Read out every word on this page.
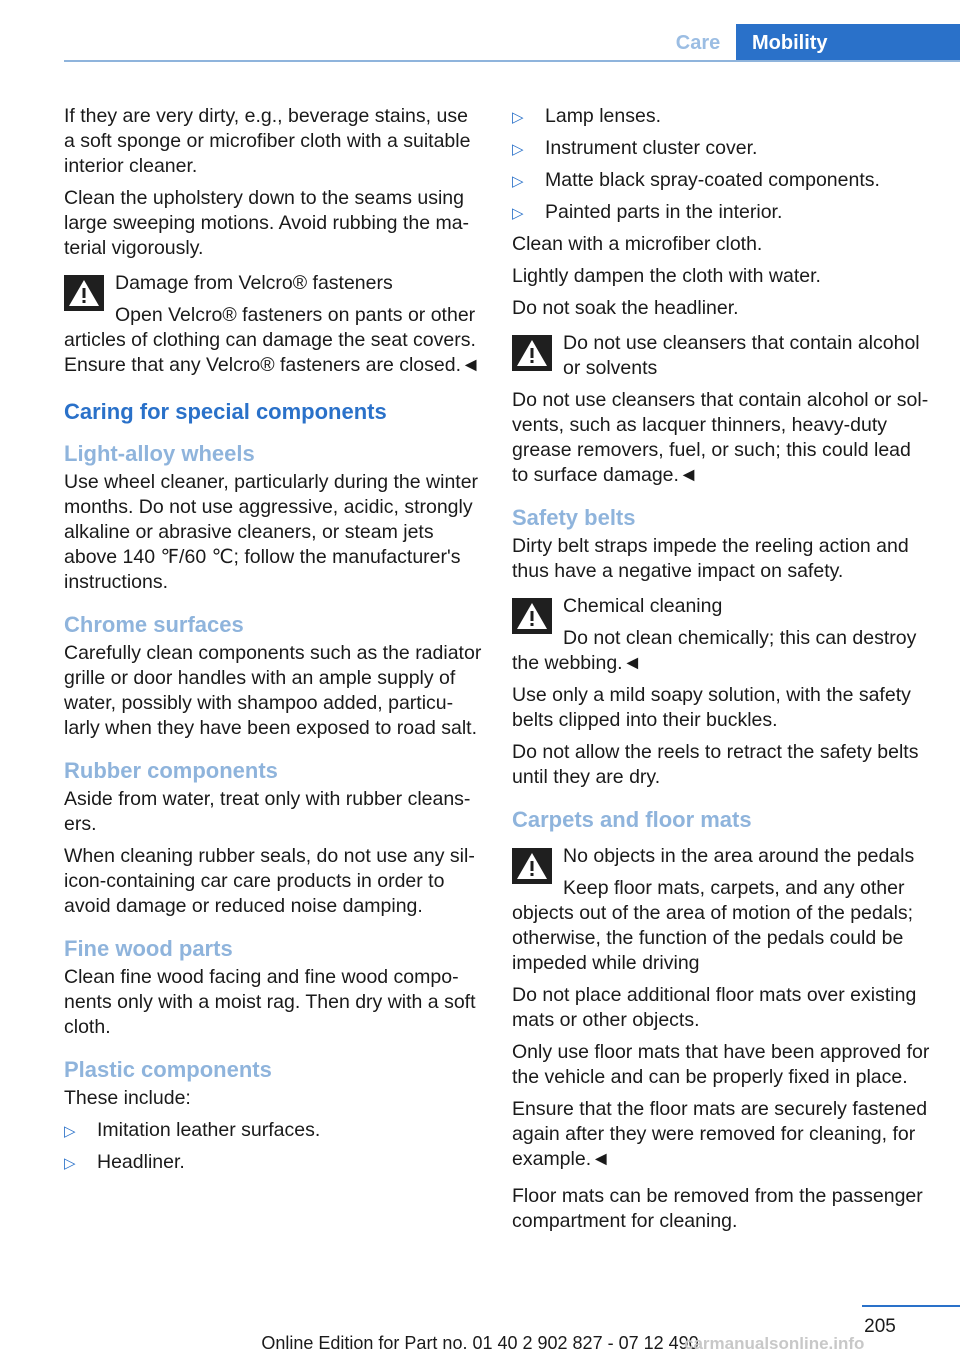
Care	Mobility

If they are very dirty, e.g., beverage stains, use a soft sponge or microfiber cloth with a suitable interior cleaner.

Clean the upholstery down to the seams using large sweeping motions. Avoid rubbing the ma‐terial vigorously.

Damage from Velcro® fasteners
Open Velcro® fasteners on pants or other articles of clothing can damage the seat covers. Ensure that any Velcro® fasteners are closed.◄
Caring for special components
Light-alloy wheels

Use wheel cleaner, particularly during the winter months. Do not use aggressive, acidic, strongly alkaline or abrasive cleaners, or steam jets above 140 ℉/60 ℃; follow the manufacturer's instructions.

Chrome surfaces

Carefully clean components such as the radiator grille or door handles with an ample supply of water, possibly with shampoo added, particu‐larly when they have been exposed to road salt.

Rubber components

Aside from water, treat only with rubber cleans‐ers.

When cleaning rubber seals, do not use any sil‐icon-containing car care products in order to avoid damage or reduced noise damping.

Fine wood parts

Clean fine wood facing and fine wood compo‐nents only with a moist rag. Then dry with a soft cloth.

Plastic components

These include:

▷ Imitation leather surfaces.
▷ Headliner.
▷ Lamp lenses.
▷ Instrument cluster cover.
▷ Matte black spray-coated components.
▷ Painted parts in the interior.

Clean with a microfiber cloth.

Lightly dampen the cloth with water.

Do not soak the headliner.

Do not use cleansers that contain alcohol or solvents
Do not use cleansers that contain alcohol or sol‐vents, such as lacquer thinners, heavy-duty grease removers, fuel, or such; this could lead to surface damage.◄
Safety belts

Dirty belt straps impede the reeling action and thus have a negative impact on safety.

Chemical cleaning
Do not clean chemically; this can destroy the webbing.◄

Use only a mild soapy solution, with the safety belts clipped into their buckles.

Do not allow the reels to retract the safety belts until they are dry.

Carpets and floor mats
No objects in the area around the pedals
Keep floor mats, carpets, and any other objects out of the area of motion of the pedals; otherwise, the function of the pedals could be impeded while driving

Do not place additional floor mats over existing mats or other objects.

Only use floor mats that have been approved for the vehicle and can be properly fixed in place.

Ensure that the floor mats are securely fastened again after they were removed for cleaning, for example.◄

Floor mats can be removed from the passenger compartment for cleaning.

205
Online Edition for Part no. 01 40 2 902 827 - 07 12 490
carmanualsonline.info
